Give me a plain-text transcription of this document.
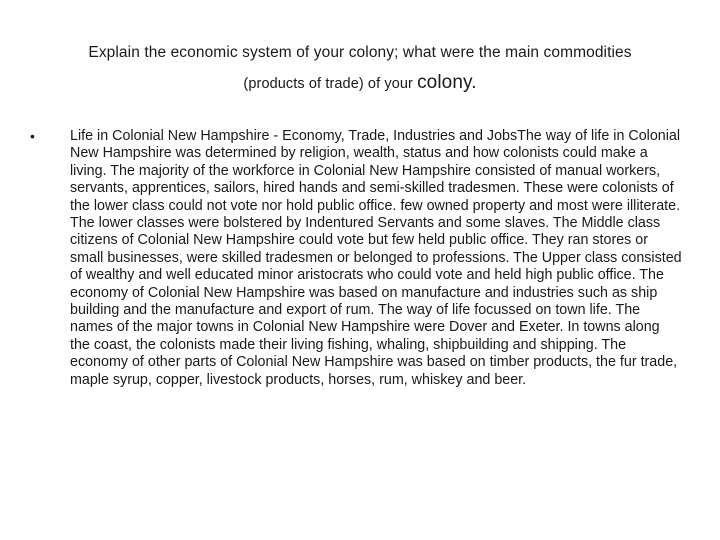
Explain the economic system of your colony; what were the main commodities
(products of trade) of your colony.
• Life in Colonial New Hampshire - Economy, Trade, Industries and JobsThe way of life in Colonial New Hampshire was determined by religion, wealth, status and how colonists could make a living. The majority of the workforce in Colonial New Hampshire consisted of manual workers, servants, apprentices, sailors, hired hands and semi-skilled tradesmen. These were colonists of the lower class could not vote nor hold public office. few owned property and most were illiterate. The lower classes were bolstered by Indentured Servants and some slaves. The Middle class citizens of Colonial New Hampshire could vote but few held public office. They ran stores or small businesses, were skilled tradesmen or belonged to professions. The Upper class consisted of wealthy and well educated minor aristocrats who could vote and held high public office. The economy of Colonial New Hampshire was based on manufacture and industries such as ship building and the manufacture and export of rum. The way of life focussed on town life. The names of the major towns in Colonial New Hampshire were Dover and Exeter. In towns along the coast, the colonists made their living fishing, whaling, shipbuilding and shipping. The economy of other parts of Colonial New Hampshire was based on timber products, the fur trade, maple syrup, copper, livestock products, horses, rum, whiskey and beer.
